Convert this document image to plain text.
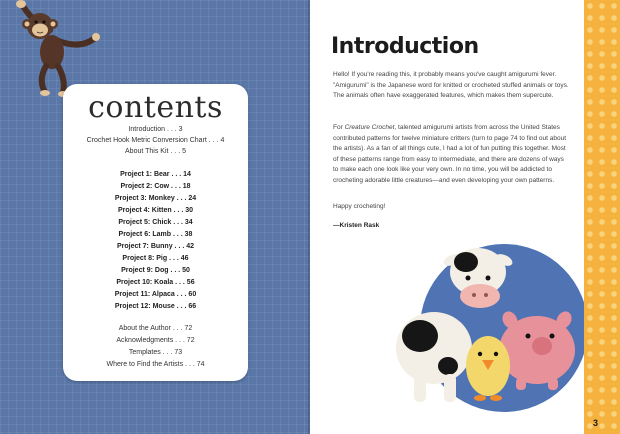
contents
Introduction . . . 3
Crochet Hook Metric Conversion Chart . . . 4
About This Kit . . . 5
Project 1: Bear . . . 14
Project 2: Cow . . . 18
Project 3: Monkey . . . 24
Project 4: Kitten . . . 30
Project 5: Chick . . . 34
Project 6: Lamb . . . 38
Project 7: Bunny . . . 42
Project 8: Pig . . . 46
Project 9: Dog . . . 50
Project 10: Koala . . . 56
Project 11: Alpaca . . . 60
Project 12: Mouse . . . 66
About the Author . . . 72
Acknowledgments . . . 72
Templates . . . 73
Where to Find the Artists . . . 74
Introduction

Hello! If you're reading this, it probably means you've caught amigurumi fever. "Amigurumi" is the Japanese word for knitted or crocheted stuffed animals or toys. The animals often have exaggerated features, which makes them supercute.

For Creature Crochet, talented amigurumi artists from across the United States contributed patterns for twelve miniature critters (turn to page 74 to find out about the artists). As a fan of all things cute, I had a lot of fun putting this together. Most of these patterns range from easy to intermediate, and there are dozens of ways to make each one look like your very own. In no time, you will be addicted to crocheting adorable little creatures—and even developing your own patterns.

Happy crocheting!
—Kristen Rask
3
